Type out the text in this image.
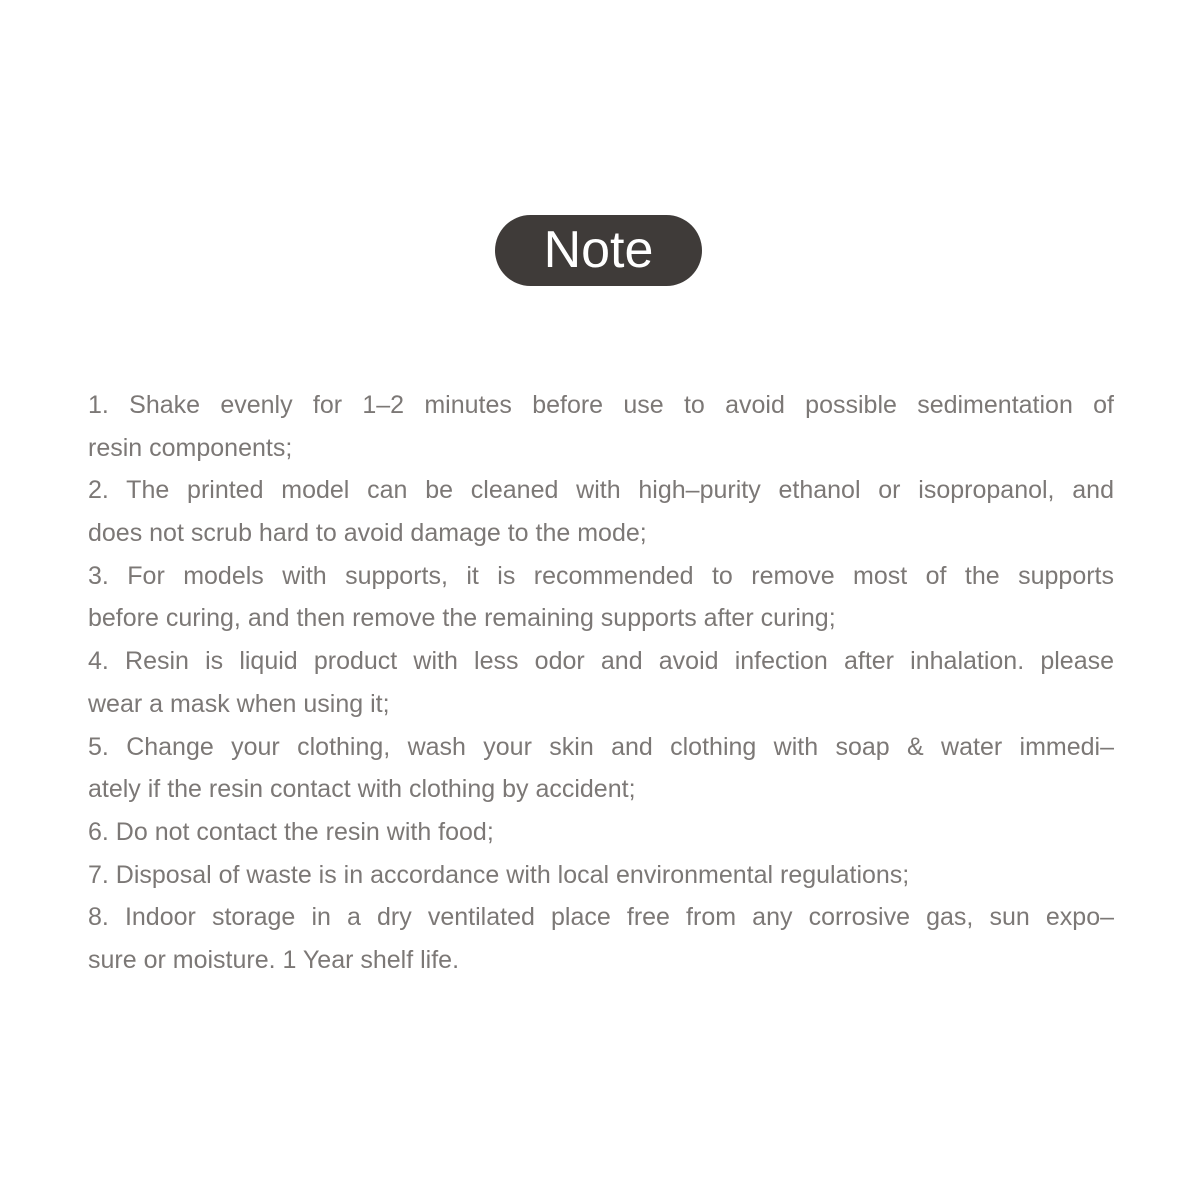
Note
1. Shake evenly for 1–2 minutes before use to avoid possible sedimentation of
resin components;
2. The printed model can be cleaned with high–purity ethanol or isopropanol, and
does not scrub hard to avoid damage to the mode;
3. For models with supports, it is recommended to remove most of the supports
before curing, and then remove the remaining supports after curing;
4. Resin is liquid product with less odor and avoid infection after inhalation. please
wear a mask when using it;
5. Change your clothing, wash your skin and clothing with soap & water immedi–
ately if the resin contact with clothing by accident;
6. Do not contact the resin with food;
7. Disposal of waste is in accordance with local environmental regulations;
8. Indoor storage in a dry ventilated place free from any corrosive gas, sun expo–
sure or moisture. 1 Year shelf life.
